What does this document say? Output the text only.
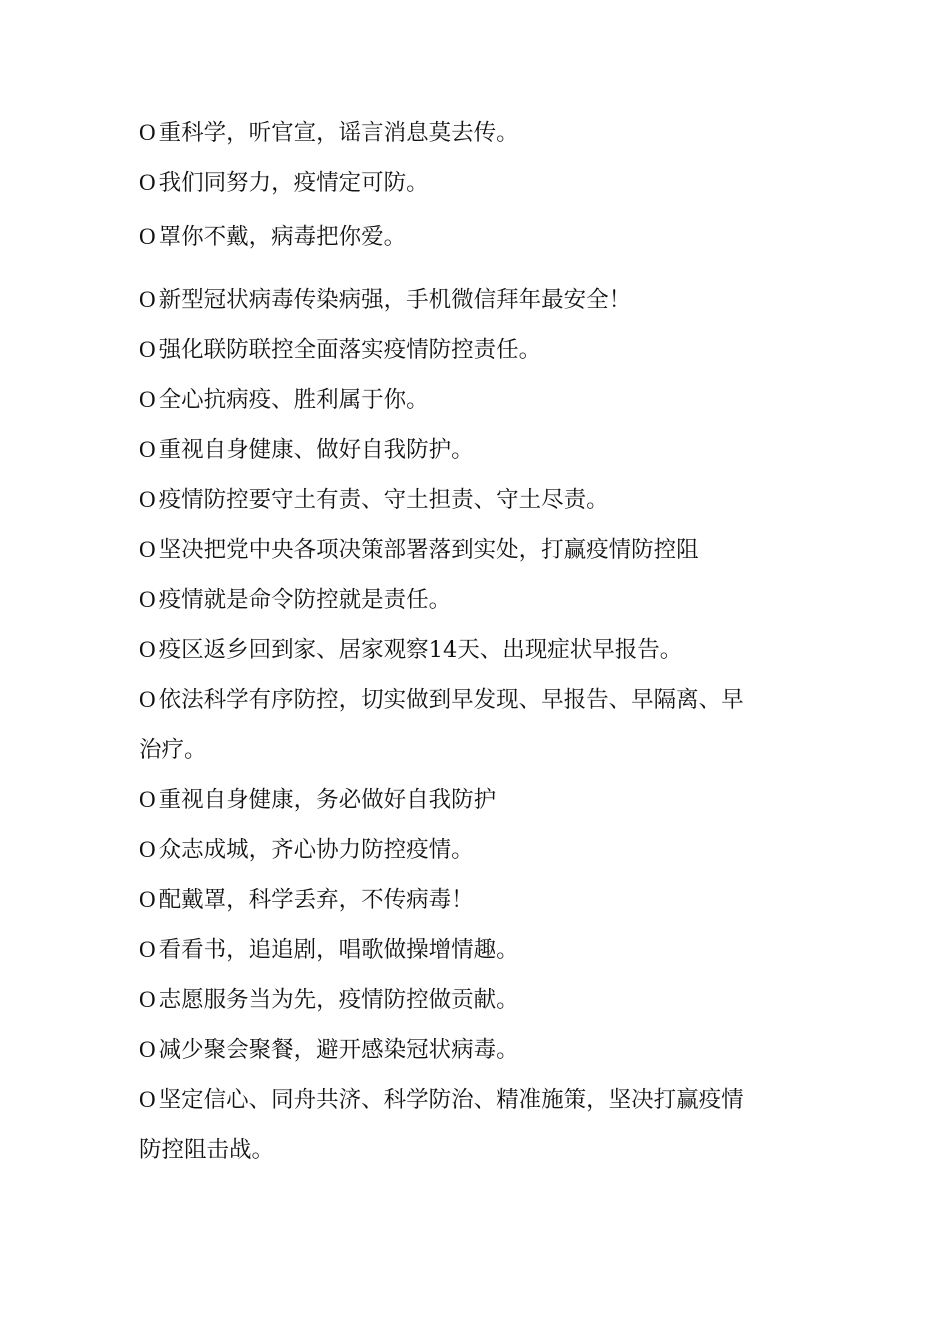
O 重科学，听官宣，谣言消息莫去传。
O 我们同努力，疫情定可防。
O 罩你不戴，病毒把你爱。
O 新型冠状病毒传染病强，手机微信拜年最安全！
O 强化联防联控全面落实疫情防控责任。
O 全心抗病疫、胜利属于你。
O 重视自身健康、做好自我防护。
O 疫情防控要守土有责、守土担责、守土尽责。
O 坚决把党中央各项决策部署落到实处，打赢疫情防控阻
O 疫情就是命令防控就是责任。
O 疫区返乡回到家、居家观察14天、出现症状早报告。
O 依法科学有序防控，切实做到早发现、早报告、早隔离、早
治疗。
O 重视自身健康，务必做好自我防护
O 众志成城，齐心协力防控疫情。
O 配戴罩，科学丢弃，不传病毒！
O 看看书，追追剧，唱歌做操增情趣。
O 志愿服务当为先，疫情防控做贡献。
O 减少聚会聚餐，避开感染冠状病毒。
O 坚定信心、同舟共济、科学防治、精准施策，坚决打赢疫情
防控阻击战。
